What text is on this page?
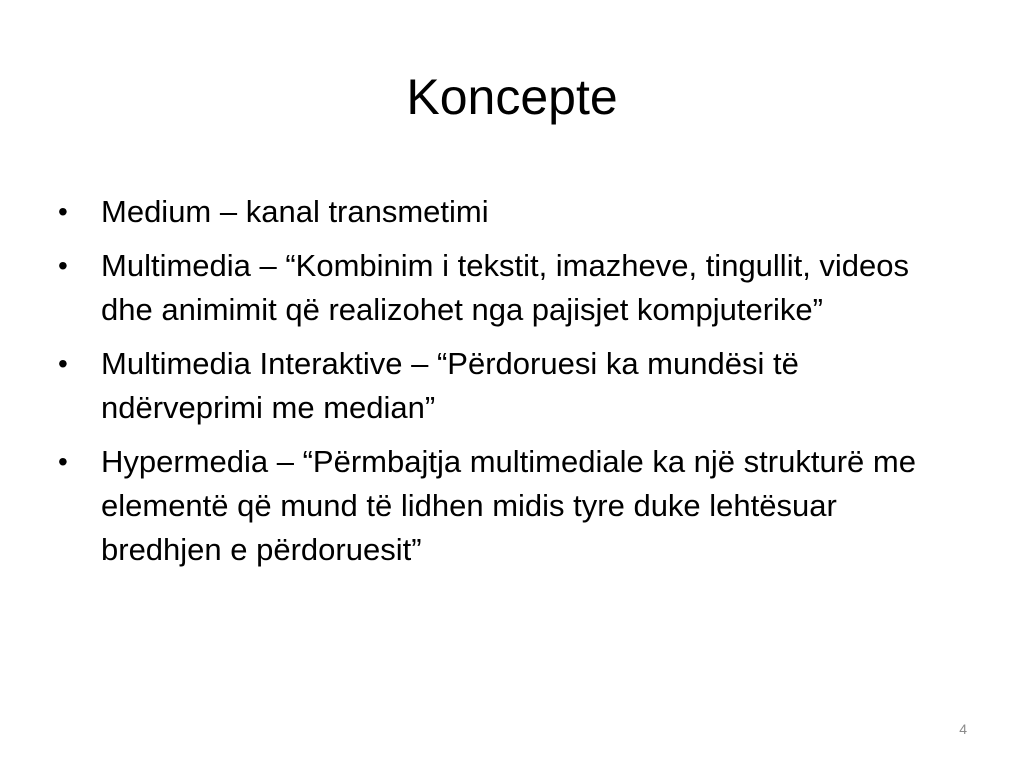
Koncepte
•	Medium – kanal transmetimi
•	Multimedia – “Kombinim i tekstit, imazheve, tingullit, videos dhe animimit që realizohet nga pajisjet kompjuterike”
•	Multimedia Interaktive – “Përdoruesi ka mundësi të ndërveprimi me median”
•	Hypermedia – “Përmbajtja multimediale ka një strukturë me elementë që mund të lidhen midis tyre duke lehtësuar bredhjen e përdoruesit”
4
